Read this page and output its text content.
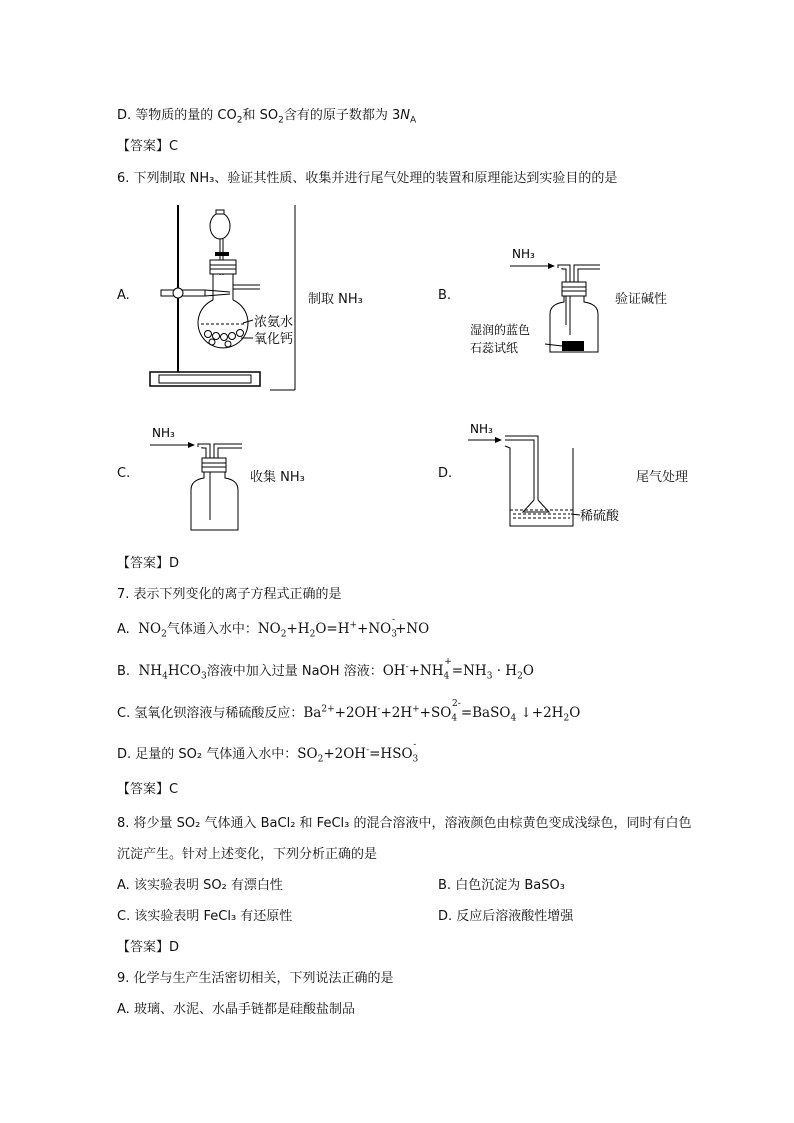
D. 等物质的量的 $CO_2$和 $SO_2$含有的原子数都为 $3N_A$
【答案】C
6. 下列制取 NH₃、验证其性质、收集并进行尾气处理的装置和原理能达到实验目的的是
A.	制取 NH₃
浓氨水
氧化钙
B.	验证碱性
NH₃
湿润的蓝色
石蕊试纸
C.	收集 NH₃
NH₃
D.	尾气处理
NH₃
稀硫酸
【答案】D
7. 表示下列变化的离子方程式正确的是
A.  $NO_2$气体通入水中：$NO_2+H_2O=H^++NO_3^-+NO$
B.  $NH_4HCO_3$溶液中加入过量 NaOH 溶液：$OH^-+NH_4^+=NH_3 \cdot H_2O$
C. 氢氧化钡溶液与稀硫酸反应：$Ba^{2+}+2OH^-+2H^++SO_4^{2-}=BaSO_4$ $↓+2H_2O$
D. 足量的 SO₂ 气体通入水中：$SO_2+2OH^-=HSO_3^-$
【答案】C
8. 将少量 SO₂ 气体通入 BaCl₂ 和 FeCl₃ 的混合溶液中，溶液颜色由棕黄色变成浅绿色，同时有白色
沉淀产生。针对上述变化，下列分析正确的是
A. 该实验表明 SO₂ 有漂白性	B. 白色沉淀为 BaSO₃
C. 该实验表明 FeCl₃ 有还原性	D. 反应后溶液酸性增强
【答案】D
9. 化学与生产生活密切相关，下列说法正确的是
A. 玻璃、水泥、水晶手链都是硅酸盐制品
